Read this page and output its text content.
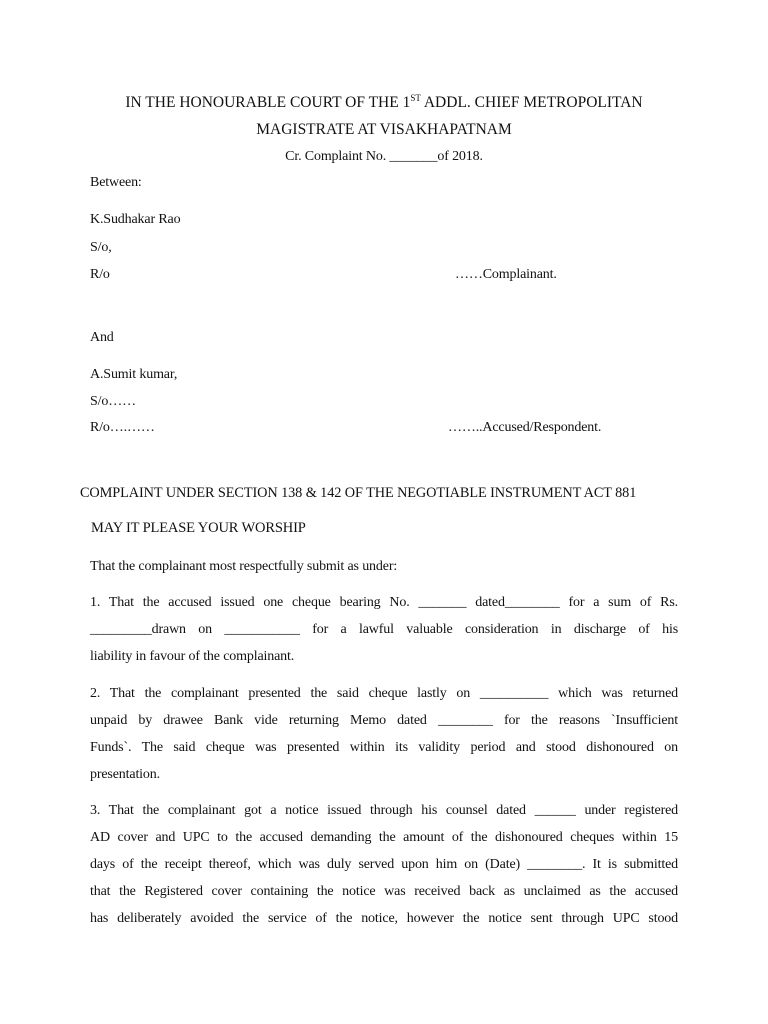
IN THE HONOURABLE COURT OF THE 1ST ADDL. CHIEF METROPOLITAN
MAGISTRATE AT VISAKHAPATNAM
Cr. Complaint No. _______of 2018.
Between:
K.Sudhakar Rao
S/o,
R/o	……Complainant.
And
A.Sumit kumar,
S/o……
R/o….……	……..Accused/Respondent.
COMPLAINT UNDER SECTION 138 & 142 OF THE NEGOTIABLE INSTRUMENT ACT 881
MAY IT PLEASE YOUR WORSHIP
That the complainant most respectfully submit as under:
1. That the accused issued one cheque bearing No. _______ dated________ for a sum of Rs.
_________drawn on ___________ for a lawful valuable consideration in discharge of his
liability in favour of the complainant.
2. That the complainant presented the said cheque lastly on __________ which was returned
unpaid by drawee Bank vide returning Memo dated ________ for the reasons `Insufficient
Funds`. The said cheque was presented within its validity period and stood dishonoured on
presentation.
3. That the complainant got a notice issued through his counsel dated ______ under registered
AD cover and UPC to the accused demanding the amount of the dishonoured cheques within 15
days of the receipt thereof, which was duly served upon him on (Date) ________. It is submitted
that the Registered cover containing the notice was received back as unclaimed as the accused
has deliberately avoided the service of the notice, however the notice sent through UPC stood
